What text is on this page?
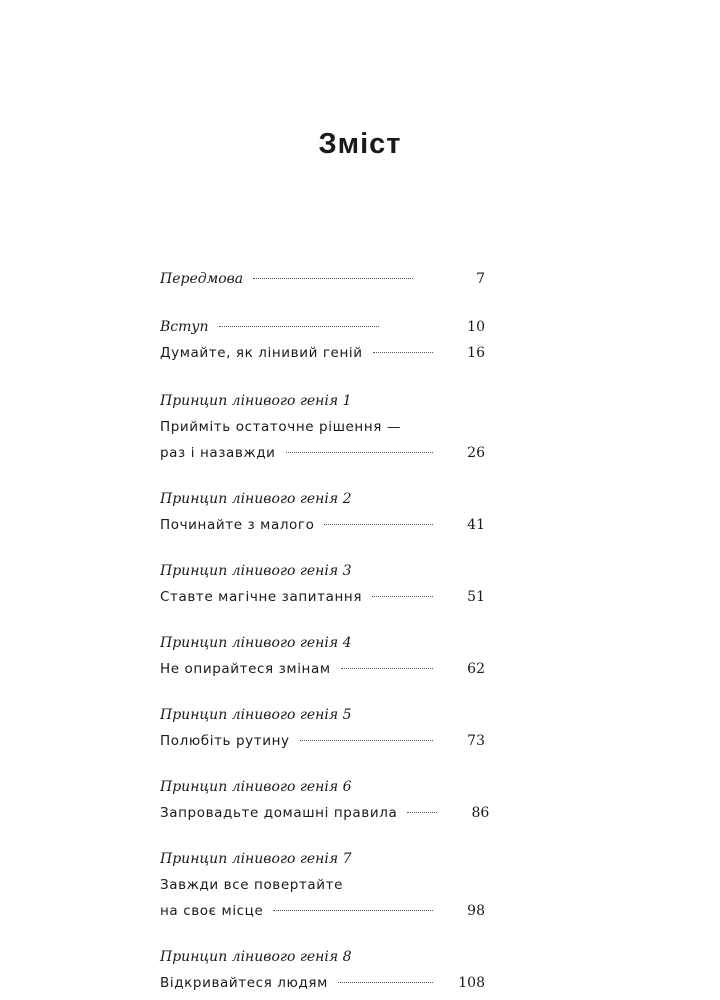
Зміст
Передмова	7
Вступ	10
Думайте, як лінивий геній	16
Принцип лінивого генія 1
Прийміть остаточне рішення —
раз і назавжди	26
Принцип лінивого генія 2
Починайте з малого	41
Принцип лінивого генія 3
Ставте магічне запитання	51
Принцип лінивого генія 4
Не опирайтеся змінам	62
Принцип лінивого генія 5
Полюбіть рутину	73
Принцип лінивого генія 6
Запровадьте домашні правила	86
Принцип лінивого генія 7
Завжди все повертайте
на своє місце	98
Принцип лінивого генія 8
Відкривайтеся людям	108
